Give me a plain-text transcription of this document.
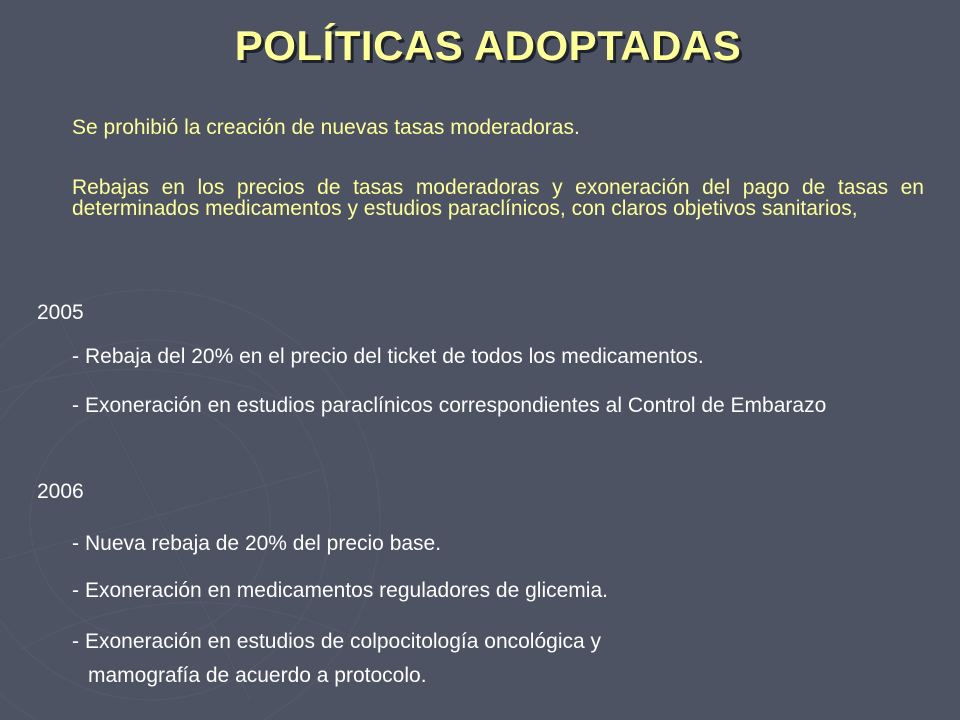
POLÍTICAS ADOPTADAS
Se prohibió la creación de nuevas tasas moderadoras.
Rebajas en los precios de tasas moderadoras y exoneración del pago de tasas en determinados medicamentos y estudios paraclínicos, con claros objetivos sanitarios,
2005
- Rebaja del 20% en el precio del ticket de todos los medicamentos.
- Exoneración en estudios paraclínicos correspondientes al Control de Embarazo
2006
- Nueva rebaja de 20% del precio base.
- Exoneración en medicamentos reguladores de glicemia.
- Exoneración en estudios de colpocitología oncológica y
mamografía de acuerdo a protocolo.
